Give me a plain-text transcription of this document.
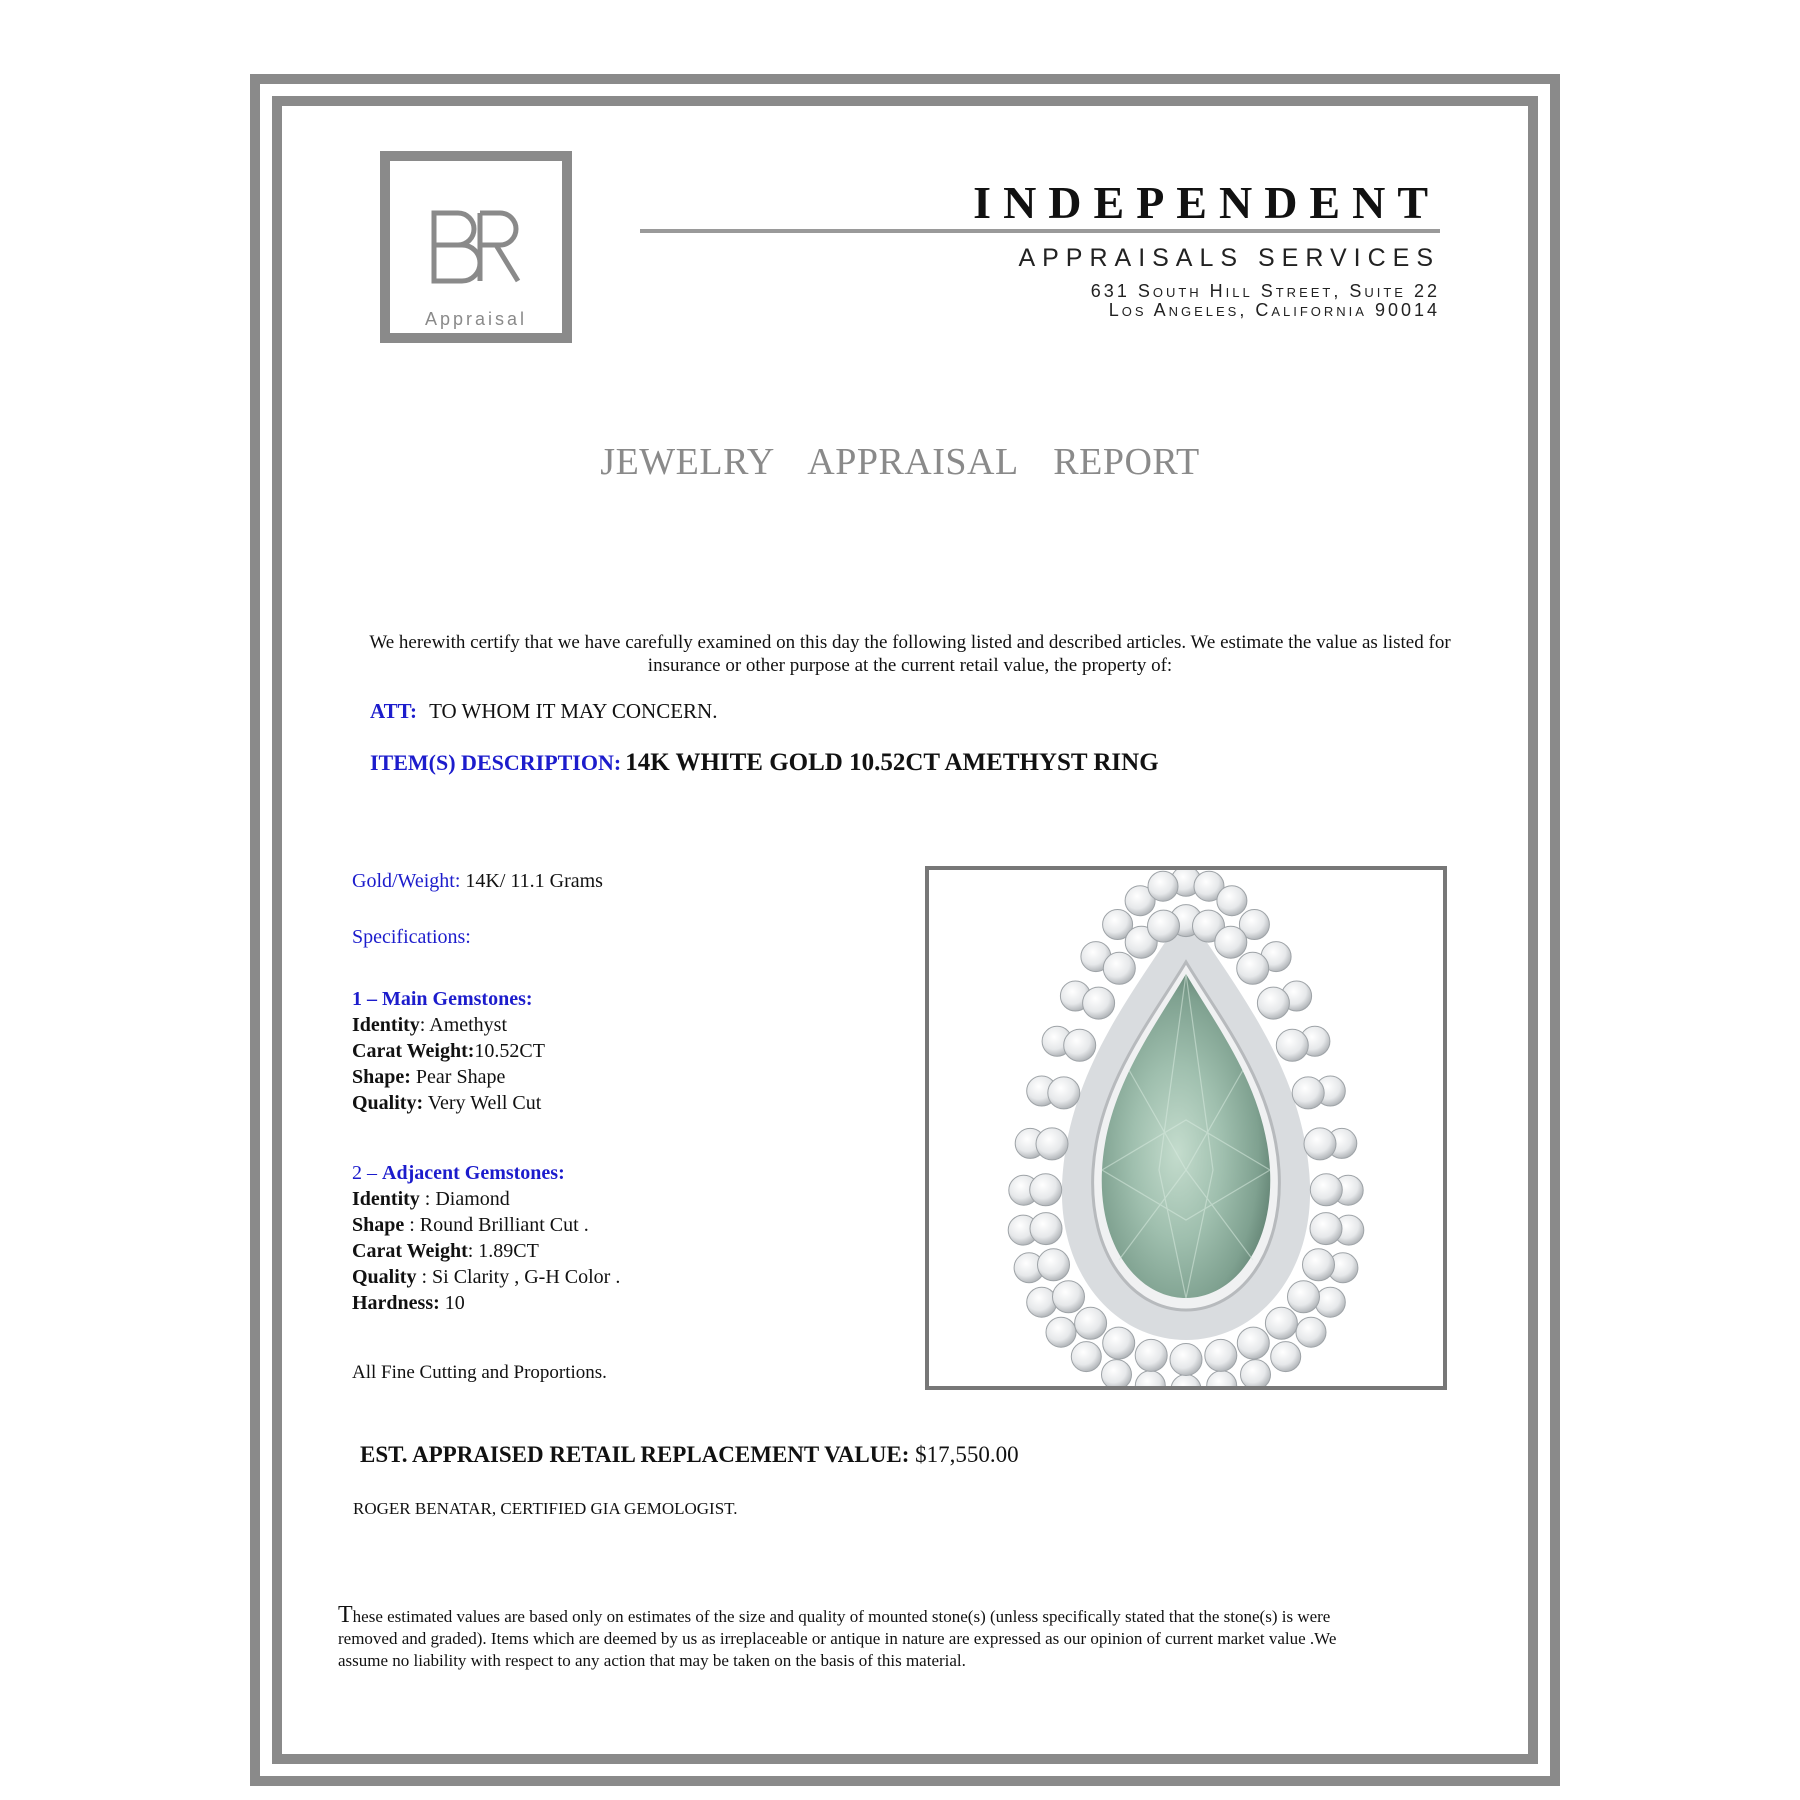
Appraisal
INDEPENDENT
APPRAISALS SERVICES
631 South Hill Street, Suite 22
Los Angeles, California 90014
JEWELRY APPRAISAL REPORT
We herewith certify that we have carefully examined on this day the following listed and described articles. We estimate the value as listed for insurance or other purpose at the current retail value, the property of:
ATT: TO WHOM IT MAY CONCERN.
ITEM(S) DESCRIPTION: 14K WHITE GOLD 10.52CT AMETHYST RING
Gold/Weight: 14K/ 11.1 Grams
Specifications:
1 – Main Gemstones:
Identity: Amethyst
Carat Weight:10.52CT
Shape: Pear Shape
Quality: Very Well Cut
2 – Adjacent Gemstones:
Identity : Diamond
Shape : Round Brilliant Cut .
Carat Weight: 1.89CT
Quality : Si Clarity , G-H Color .
Hardness: 10
All Fine Cutting and Proportions.
EST. APPRAISED RETAIL REPLACEMENT VALUE: $17,550.00
ROGER BENATAR, CERTIFIED GIA GEMOLOGIST.
These estimated values are based only on estimates of the size and quality of mounted stone(s) (unless specifically stated that the stone(s) is were removed and graded). Items which are deemed by us as irreplaceable or antique in nature are expressed as our opinion of current market value .We assume no liability with respect to any action that may be taken on the basis of this material.
